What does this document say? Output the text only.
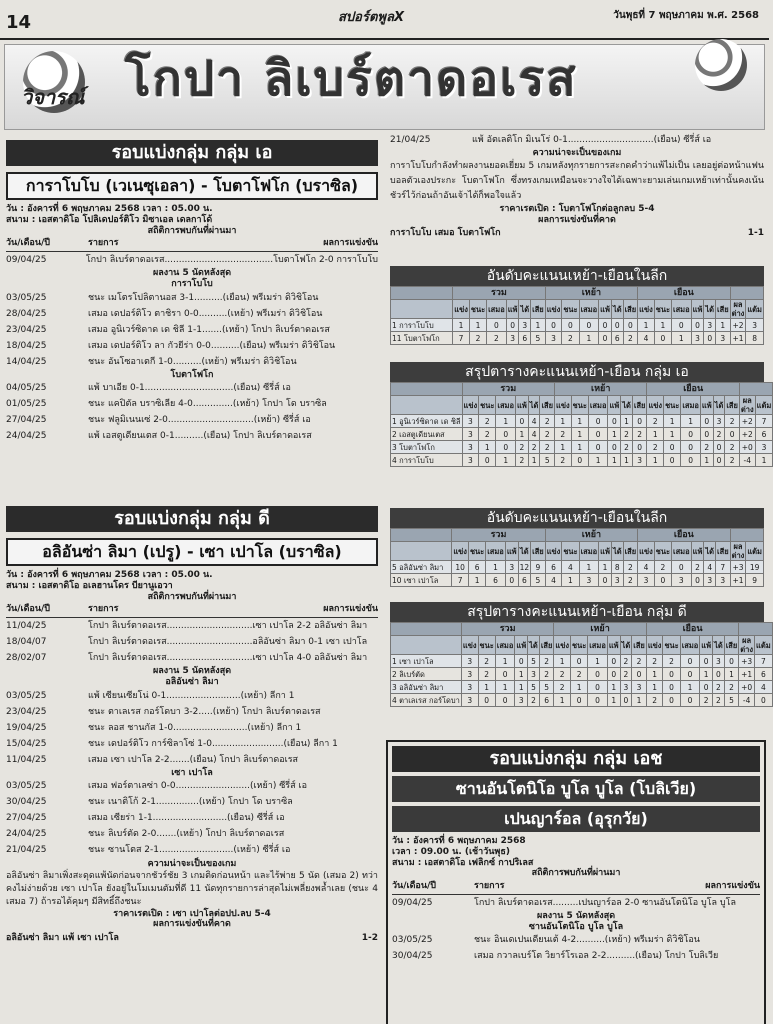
14	สปอร์ตพูลX	วันพุธที่ 7 พฤษภาคม พ.ศ. 2568
วิจารณ์ โกปา ลิเบร์ตาดอเรส
รอบแบ่งกลุ่ม กลุ่ม เอ
การาโบโบ (เวเนซุเอลา) - โบตาโฟโก (บราซิล)
วัน : อังคารที่ 6 พฤษภาคม 2568 เวลา : 05.00 น.
สนาม : เอสตาดิโอ โปลิเดปอร์ติโว มิซาเอล เดลกาโด้
สถิติการพบกันที่ผ่านมา
วัน/เดือน/ปี	รายการ	ผลการแข่งขัน
09/04/25	โกปา ลิเบร์ตาดอเรส......................................โบตาโฟโก 2-0 การาโบโบ
ผลงาน 5 นัดหลังสุด
การาโบโบ
03/05/25	ชนะ เมโตรโปลิตานอส 3-1..........(เยือน) พรีเมร่า ดิวิชิโอน
28/04/25	เสมอ เดปอร์ติโว ตาชิรา 0-0..........(เหย้า) พรีเมร่า ดิวิชิโอน
23/04/25	เสมอ อูนิเวร์ซิดาด เด ชิลี 1-1.......(เหย้า) โกปา ลิเบร์ตาดอเรส
18/04/25	เสมอ เดปอร์ติโว ลา กัวยีร่า 0-0..........(เยือน) พรีเมร่า ดิวิชิโอน
14/04/25	ชนะ อันโซอาเตกี 1-0..........(เหย้า) พรีเมร่า ดิวิชิโอน
โบตาโฟโก
04/05/25	แพ้ บาเอีย 0-1...............................(เยือน) ซีรี่ส์ เอ
01/05/25	ชนะ แคปิตัล บราซิเลีย 4-0..............(เหย้า) โกปา โด บราซิล
27/04/25	ชนะ ฟลูมิเนนเซ่ 2-0..............................(เหย้า) ซีรี่ส์ เอ
24/04/25	แพ้ เอสตูเดียนเตส 0-1..........(เยือน) โกปา ลิเบร์ตาดอเรส
21/04/25	แพ้ อัตเลติโก มิเนโร่ 0-1..............................(เยือน) ซีรี่ส์ เอ
ความน่าจะเป็นของเกม
การาโบโบกำลังทำผลงานยอดเยี่ยม 5 เกมหลังทุกรายการสะกดคำว่าแพ้ไม่เป็น เลยอยู่ต่อหน้าแฟนบอลตัวเองประกะ โบตาโฟโก ซึ่งทรงเกมเหมือนจะวางใจได้เฉพาะยามเล่นเกมเหย้าเท่านั้นคงเน้นชัวร์ไว้ก่อนถ้าอันเจ้าได้ก็พอใจแล้ว
ราคาเรตเปิด : โบตาโฟโกต่อลูกลบ 5-4
ผลการแข่งขันที่คาด
การาโบโบ เสมอ โบตาโฟโก	1-1
อันดับคะแนนเหย้า-เยือนในลีก
	รวม						เหย้า						เยือน							
	แข่ง	ชนะ	เสมอ	แพ้	ได้	เสีย	แข่ง	ชนะ	เสมอ	แพ้	ได้	เสีย	แข่ง	ชนะ	เสมอ	แพ้	ได้	เสีย	ผลต่าง	แต้ม
1 การาโบโบ	1	1	0	0	3	1	0	0	0	0	0	0	1	1	0	0	3	1	+2	3
11 โบตาโฟโก	7	2	2	3	6	5	3	2	1	0	6	2	4	0	1	3	0	3	+1	8
สรุปตารางคะแนนเหย้า-เยือน กลุ่ม เอ
	รวม						เหย้า						เยือน							
	แข่ง	ชนะ	เสมอ	แพ้	ได้	เสีย	แข่ง	ชนะ	เสมอ	แพ้	ได้	เสีย	แข่ง	ชนะ	เสมอ	แพ้	ได้	เสีย	ผลต่าง	แต้ม
1 อูนิเวร์ซิดาด เด ชิลี	3	2	1	0	4	2	1	1	0	0	1	0	2	1	1	0	3	2	+2	7
2 เอสตูเดียนเตส	3	2	0	1	4	2	2	1	0	1	2	2	1	1	0	0	2	0	+2	6
3 โบตาโฟโก	3	1	0	2	2	2	1	1	0	0	2	0	2	0	0	2	0	2	+0	3
4 การาโบโบ	3	0	1	2	1	5	2	0	1	1	1	3	1	0	0	1	0	2	-4	1
รอบแบ่งกลุ่ม กลุ่ม ดี
อลิอันซ่า ลิมา (เปรู) - เซา เปาโล (บราซิล)
วัน : อังคารที่ 6 พฤษภาคม 2568 เวลา : 05.00 น.
สนาม : เอสตาดิโอ อเลฮานโดร บียานูเอวา
สถิติการพบกันที่ผ่านมา
วัน/เดือน/ปี	รายการ	ผลการแข่งขัน
11/04/25	โกปา ลิเบร์ตาดอเรส..............................เซา เปาโล 2-2 อลิอันซ่า ลิมา
18/04/07	โกปา ลิเบร์ตาดอเรส..............................อลิอันซ่า ลิมา 0-1 เซา เปาโล
28/02/07	โกปา ลิเบร์ตาดอเรส..............................เซา เปาโล 4-0 อลิอันซ่า ลิมา
ผลงาน 5 นัดหลังสุด
อลิอันซ่า ลิมา
03/05/25	แพ้ เซียนเซียโน่ 0-1..........................(เหย้า) ลีกา 1
23/04/25	ชนะ ตาเลเรส กอร์โดบา 3-2.....(เหย้า) โกปา ลิเบร์ตาดอเรส
19/04/25	ชนะ ลอส ชานกัส 1-0..........................(เหย้า) ลีกา 1
15/04/25	ชนะ เดปอร์ติโว การ์ซิลาโซ่ 1-0.........................(เยือน) ลีกา 1
11/04/25	เสมอ เซา เปาโล 2-2.......(เยือน) โกปา ลิเบร์ตาดอเรส
เซา เปาโล
03/05/25	เสมอ ฟอร์ตาเลซ่า 0-0..........................(เหย้า) ซีรี่ส์ เอ
30/04/25	ชนะ เนาติโก้ 2-1...............(เหย้า) โกปา โด บราซิล
27/04/25	เสมอ เซียร่า 1-1..........................(เยือน) ซีรี่ส์ เอ
24/04/25	ชนะ ลิเบร์ตัด 2-0.......(เหย้า) โกปา ลิเบร์ตาดอเรส
21/04/25	ชนะ ซานโตส 2-1..........................(เหย้า) ซีรี่ส์ เอ
ความน่าจะเป็นของเกม
อลิอันซ่า ลิมาเพิ่งสะดุดแพ้นัดก่อนจากชัวร์ชัย 3 เกมติดก่อนหน้า และไร้พ่าย 5 นัด (เสมอ 2) ทว่าคงไม่ง่ายด้วย เซา เปาโล ยังอยู่ในโมเมนตัมที่ดี 11 นัดทุกรายการล่าสุดไม่เพลี่ยงพล้ำเลย (ชนะ 4 เสมอ 7) ถ้ารอได้คุมๆ มีสิทธิ์ถึงชนะ
ราคาเรตเปิด : เซา เปาโลต่อปป.ลบ 5-4
ผลการแข่งขันที่คาด
อลิอันซ่า ลิมา แพ้ เซา เปาโล	1-2
อันดับคะแนนเหย้า-เยือนในลีก
	รวม						เหย้า						เยือน							
	แข่ง	ชนะ	เสมอ	แพ้	ได้	เสีย	แข่ง	ชนะ	เสมอ	แพ้	ได้	เสีย	แข่ง	ชนะ	เสมอ	แพ้	ได้	เสีย	ผลต่าง	แต้ม
5 อลิอันซ่า ลิมา	10	6	1	3	12	9	6	4	1	1	8	2	4	2	0	2	4	7	+3	19
10 เซา เปาโล	7	1	6	0	6	5	4	1	3	0	3	2	3	0	3	0	3	3	+1	9
สรุปตารางคะแนนเหย้า-เยือน กลุ่ม ดี
	รวม						เหย้า						เยือน							
	แข่ง	ชนะ	เสมอ	แพ้	ได้	เสีย	แข่ง	ชนะ	เสมอ	แพ้	ได้	เสีย	แข่ง	ชนะ	เสมอ	แพ้	ได้	เสีย	ผลต่าง	แต้ม
1 เซา เปาโล	3	2	1	0	5	2	1	0	1	0	2	2	2	2	0	0	3	0	+3	7
2 ลิเบร์ตัด	3	2	0	1	3	2	2	2	0	0	2	0	1	0	0	1	0	1	+1	6
3 อลิอันซ่า ลิมา	3	1	1	1	5	5	2	1	0	1	3	3	1	0	1	0	2	2	+0	4
4 ตาเลเรส กอร์โดบา	3	0	0	3	2	6	1	0	0	1	0	1	2	0	0	2	2	5	-4	0
รอบแบ่งกลุ่ม กลุ่ม เอช
ซานอันโตนิโอ บูโล บูโล (โบลิเวีย)
เปนญาร์อล (อุรุกวัย)
วัน : อังคารที่ 6 พฤษภาคม 2568
เวลา : 09.00 น. (เช้าวันพุธ)
สนาม : เอสตาดิโอ เฟลิกซ์ กาปริเลส
สถิติการพบกันที่ผ่านมา
วัน/เดือน/ปี	รายการ	ผลการแข่งขัน
09/04/25	โกปา ลิเบร์ตาดอเรส.........เปนญาร์อล 2-0 ซานอันโตนิโอ บูโล บูโล
ผลงาน 5 นัดหลังสุด
ซานอันโตนิโอ บูโล บูโล
03/05/25	ชนะ อินเดเปนเดียนเต้ 4-2..........(เหย้า) พรีเมร่า ดิวิชิโอน
30/04/25	เสมอ กวาลเบร์โต วิยาร์โรเอล 2-2..........(เยือน) โกปา โบลิเวีย
